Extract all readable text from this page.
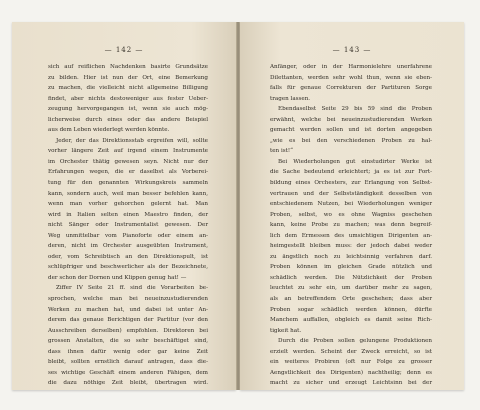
— 142 —
sich auf reiflichen Nachdenken basirte Grundsätze
zu bilden. Hier ist nun der Ort, eine Bemerkung
zu machen, die vielleicht nicht allgemeine Billigung
findet, aber nichts destoweniger aus fester Ueber-
zeugung hervorgegangen ist, wenn sie auch mög-
licherweise durch eines oder das andere Beispiel
aus dem Leben wiederlegt werden könnte.
Jeder, der das Direktionsstab ergreifen will, sollte
vorher längere Zeit auf irgend einem Instrumente
im Orchester thätig gewesen seyn. Nicht nur der
Erfahrungen wegen, die er daselbst als Vorberei-
tung für den genannten Wirkungskreis sammeln
kann, sondern auch, weil man besser befehlen kann,
wenn man vorher gehorchen gelernt hat. Man
wird in Italien selten einen Maestro finden, der
nicht Sänger oder Instrumentalist gewesen. Der
Weg unmittelbar vom Pianoforte oder einem an-
deren, nicht im Orchester ausgeübten Instrument,
oder, vom Schreibtisch an den Direktionspult, ist
schlüpfriger und beschwerlicher als der Bezeichnete,
der schon der Dornen und Klippen genug hat! —
Ziffer IV Seite 21 ff. sind die Vorarbeiten be-
sprochen, welche man bei neueinzustudierenden
Werken zu machen hat, und dabei ist unter An-
derem das genaue Berichtigen der Partitur (vor den
Ausschreiben derselben) empfohlen. Direktoren bei
grossen Anstalten, die so sehr beschäftiget sind,
dass ihnen dafür wenig oder gar keine Zeit
bleibt, sollten ernstlich darauf antragen, dass die-
ses wichtige Geschäft einem anderen Fähigen, dem
die dazu nöthige Zeit bleibt, übertragen wird.
— 143 —
Anfänger, oder in der Harmonielehre unerfahrene
Dilettanten, werden sehr wohl thun, wenn sie eben-
falls für genaue Correkturen der Partituren Sorge
tragen lassen.
Ebendaselbst Seite 29 bis 59 sind die Proben
erwähnt, welche bei neueinzustudierenden Werken
gemacht werden sollen und ist dorten angegeben
„wie es bei den verschiedenen Proben zu hal-
ten ist!“
Bei Wiederholungen gut einstudirter Werke ist
die Sache bedeutend erleichtert; ja es ist zur Fort-
bildung eines Orchesters, zur Erlangung von Selbst-
vertrauen und der Selbstständigkeit desselben von
entschiedenem Nutzen, bei Wiederholungen weniger
Proben, selbst, wo es ohne Wagniss geschehen
kann, keine Probe zu machen; was denn begreif-
lich dem Ermessen des umsichtigen Dirigenten an-
heimgestellt bleiben muss: der jedoch dabei weder
zu ängstlich noch zu leichtsinnig verfahren darf.
Proben können im gleichen Grade nützlich und
schädlich werden. Die Nützlichkeit der Proben
leuchtet zu sehr ein, um darüber mehr zu sagen,
als an betreffendem Orte geschehen; dass aber
Proben sogar schädlich werden können, dürfte
Manchem auffallen, obgleich es damit seine Rich-
tigkeit hat.
Durch die Proben sollen gelungene Produktionen
erzielt werden. Scheint der Zweck erreicht, so ist
ein weiteres Probiren (oft nur Folge zu grosser
Aengstlichkeit des Dirigenten) nachtheilig; denn es
macht zu sicher und erzeugt Leichtsinn bei der
